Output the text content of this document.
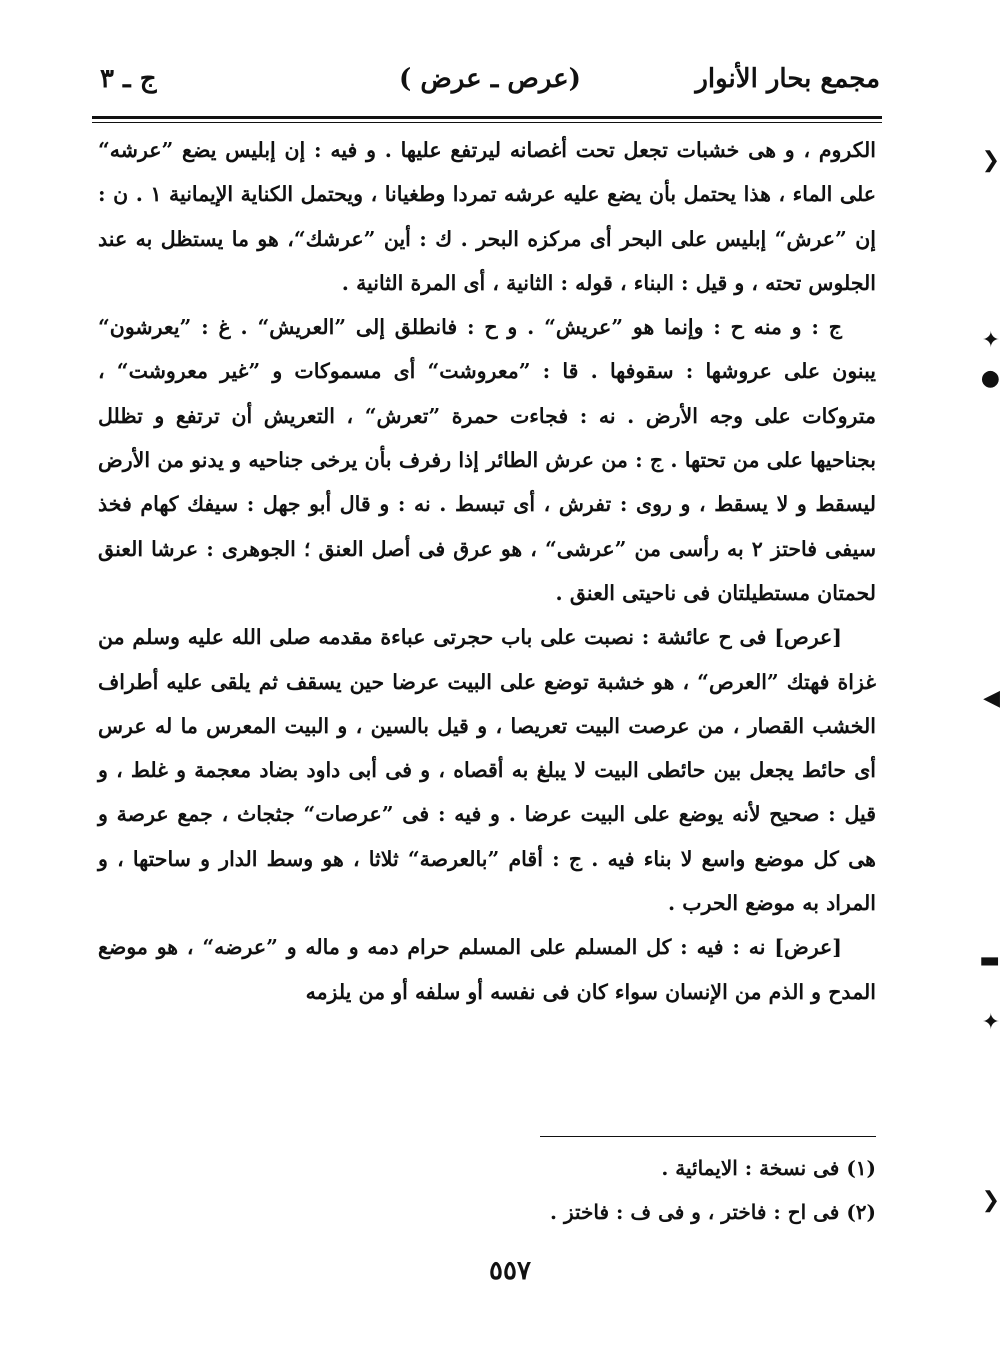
مجمع بحار الأنوار
(عرص ـ عرض )
ج ـ ٣

الكروم ، و هى خشبات تجعل تحت أغصانه ليرتفع عليها . و فيه : إن إبليس يضع ”عرشه“ على الماء ، هذا يحتمل بأن يضع عليه عرشه تمردا وطغيانا ، ويحتمل الكناية الإيمانية ١ . ن : إن ”عرش“ إبليس على البحر أى مركزه البحر . ك : أين ”عرشك“، هو ما يستظل به عند الجلوس تحته ، و قيل : البناء ، قوله : الثانية ، أى المرة الثانية .

ج : و منه ح : وإنما هو ”عريش“ . و ح : فانطلق إلى ”العريش“ . غ : ”يعرشون“ يبنون على عروشها : سقوفها . قا : ”معروشت“ أى مسموكات و ”غير معروشت“ ، متروكات على وجه الأرض . نه : فجاءت حمرة ”تعرش“ ، التعريش أن ترتفع و تظلل بجناحيها على من تحتها . ج : من عرش الطائر إذا رفرف بأن يرخى جناحيه و يدنو من الأرض ليسقط و لا يسقط ، و روى : تفرش ، أى تبسط . نه : و قال أبو جهل : سيفك كهام فخذ سيفى فاحتز ٢ به رأسى من ”عرشى“ ، هو عرق فى أصل العنق ؛ الجوهرى : عرشا العنق لحمتان مستطيلتان فى ناحيتى العنق .

[عرص] فى ح عائشة : نصبت على باب حجرتى عباءة مقدمه صلى الله عليه وسلم من غزاة فهتك ”العرص“ ، هو خشبة توضع على البيت عرضا حين يسقف ثم يلقى عليه أطراف الخشب القصار ، من عرصت البيت تعريصا ، و قيل بالسين ، و البيت المعرس ما له عرس أى حائط يجعل بين حائطى البيت لا يبلغ به أقصاه ، و فى أبى داود بضاد معجمة و غلط ، و قيل : صحيح لأنه يوضع على البيت عرضا . و فيه : فى ”عرصات“ جثجاث ، جمع عرصة و هى كل موضع واسع لا بناء فيه . ج : أقام ”بالعرصة“ ثلاثا ، هو وسط الدار و ساحتها ، و المراد به موضع الحرب .

[عرض] نه : فيه : كل المسلم على المسلم حرام دمه و ماله و ”عرضه“ ، هو موضع المدح و الذم من الإنسان سواء كان فى نفسه أو سلفه أو من يلزمه

(١) فى نسخة : الايمائية .
(٢) فى اح : فاختر ، و فى ف : فاختز .
٥٥٧
❯
✦
●
◀
▬
✦
❯
